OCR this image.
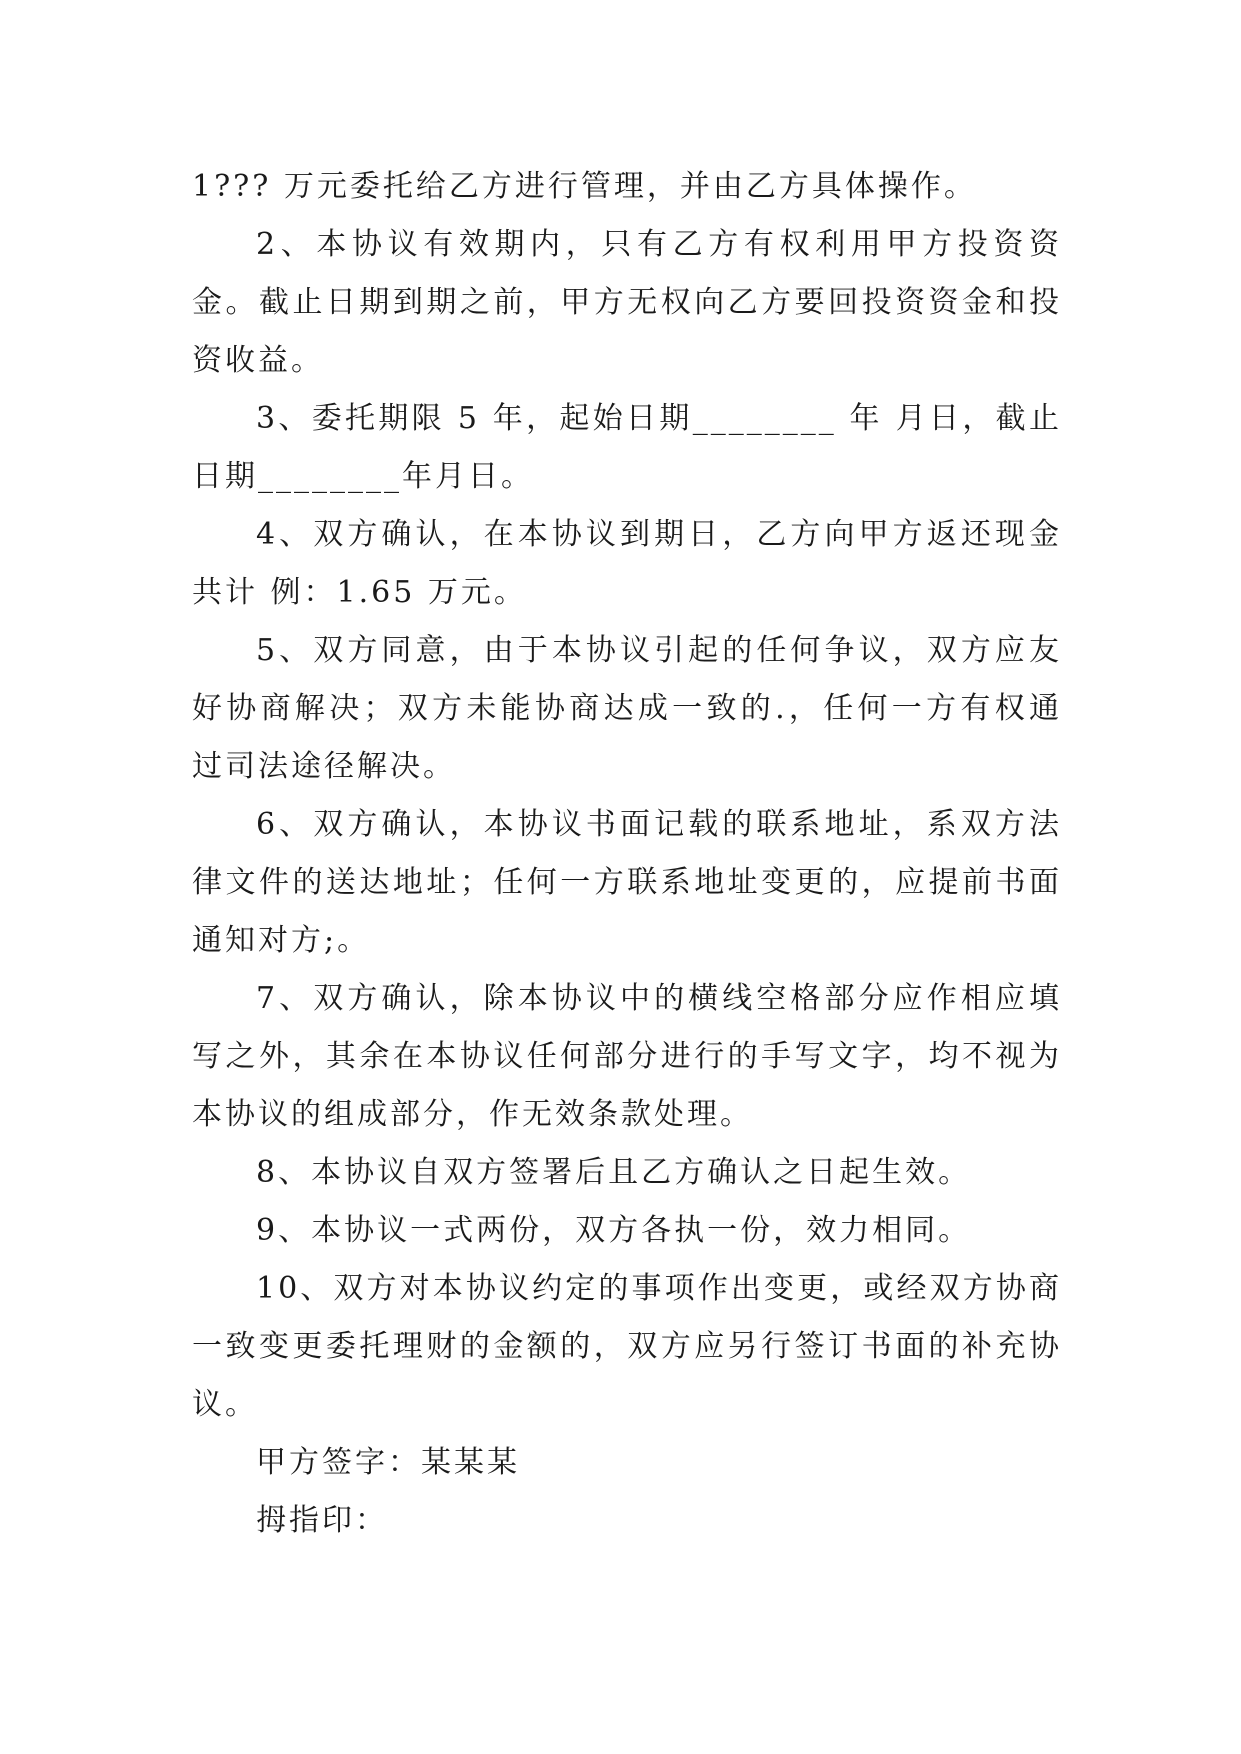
1??? 万元委托给乙方进行管理，并由乙方具体操作。

2、本协议有效期内，只有乙方有权利用甲方投资资金。截止日期到期之前，甲方无权向乙方要回投资资金和投资收益。

3、委托期限 5 年，起始日期________ 年 月日，截止日期________年月日。

4、双方确认，在本协议到期日，乙方向甲方返还现金共计 例：1.65 万元。

5、双方同意，由于本协议引起的任何争议，双方应友好协商解决；双方未能协商达成一致的.，任何一方有权通过司法途径解决。

6、双方确认，本协议书面记载的联系地址，系双方法律文件的送达地址；任何一方联系地址变更的，应提前书面通知对方;。

7、双方确认，除本协议中的横线空格部分应作相应填写之外，其余在本协议任何部分进行的手写文字，均不视为本协议的组成部分，作无效条款处理。

8、本协议自双方签署后且乙方确认之日起生效。

9、本协议一式两份，双方各执一份，效力相同。

10、双方对本协议约定的事项作出变更，或经双方协商一致变更委托理财的金额的，双方应另行签订书面的补充协议。

甲方签字：某某某

拇指印：
